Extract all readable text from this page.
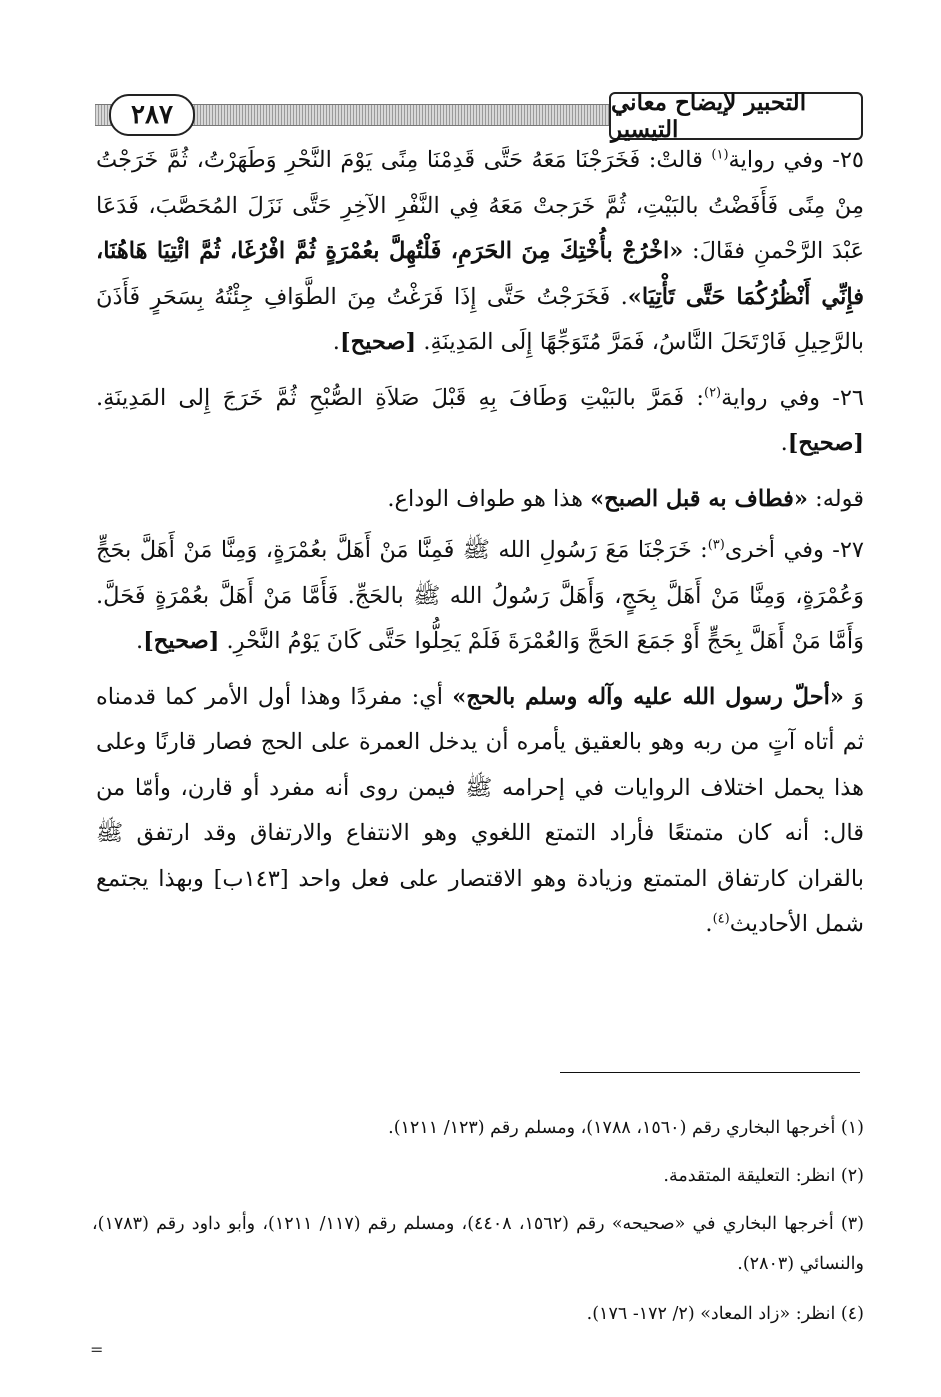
٢٨٧	التحبير لإيضاح معاني التيسير

٢٥- وفي رواية$^{(١)}$ قالتْ: فَخَرَجْنَا مَعَهُ حَتَّى قَدِمْنَا مِنًى يَوْمَ النَّحْرِ وَطَهَرْتُ، ثُمَّ خَرَجْتُ مِنْ مِنًى فَأَفَضْتُ بالبَيْتِ، ثُمَّ خَرَجتْ مَعَهُ فِي النَّفْرِ الآخِرِ حَتَّى نَزَلَ المُحَصَّبَ، فَدَعَا عَبْدَ الرَّحْمنِ فقَالَ: «اخْرُجْ بأُخْتِكَ مِنَ الحَرَمِ، فَلْتُهِلَّ بعُمْرَةٍ ثُمَّ افْرُغَا، ثُمَّ ائْتِيَا هَاهُنَا، فإِنِّي أَنْظُرُكُمَا حَتَّى تَأْتِيَا». فَخَرَجْتُ حَتَّى إِذَا فَرَغْتُ مِنَ الطَّوَافِ جِئْتُهُ بِسَحَرٍ فَأَذَنَ بالرَّحِيلِ فَارْتَحَلَ النَّاسُ، فَمَرَّ مُتَوَجِّهًا إِلَى المَدِينَةِ. [صحيح].

٢٦- وفي رواية$^{(٢)}$: فَمَرَّ بالبَيْتِ وَطَافَ بِهِ قَبْلَ صَلاَةِ الصُّبْحِ ثُمَّ خَرَجَ إِلى المَدِينَةِ. [صحيح].

قوله: «فطاف به قبل الصبح» هذا هو طواف الوداع.

٢٧- وفي أخرى$^{(٣)}$: خَرَجْنَا مَعَ رَسُولِ الله ﷺ فَمِنَّا مَنْ أَهَلَّ بعُمْرَةٍ، وَمِنَّا مَنْ أَهَلَّ بحَجٍّ وَعُمْرَةٍ، وَمِنَّا مَنْ أَهَلَّ بِحَجٍ، وَأَهَلَّ رَسُولُ الله ﷺ بالحَجِّ. فَأَمَّا مَنْ أَهَلَّ بعُمْرَةٍ فَحَلَّ. وَأَمَّا مَنْ أَهَلَّ بِحَجٍّ أَوْ جَمَعَ الحَجَّ وَالعُمْرَةَ فَلَمْ يَحِلُّوا حَتَّى كَانَ يَوْمُ النَّحْرِ. [صحيح].

وَ «أحلّ رسول الله عليه وآله وسلم بالحج» أي: مفردًا وهذا أول الأمر كما قدمناه ثم أتاه آتٍ من ربه وهو بالعقيق يأمره أن يدخل العمرة على الحج فصار قارنًا وعلى هذا يحمل اختلاف الروايات في إحرامه ﷺ فيمن روى أنه مفرد أو قارن، وأمّا من قال: أنه كان متمتعًا فأراد التمتع اللغوي وهو الانتفاع والارتفاق وقد ارتفق ﷺ بالقران كارتفاق المتمتع وزيادة وهو الاقتصار على فعل واحد [١٤٣ب] وبهذا يجتمع شمل الأحاديث$^{(٤)}$.

(١) أخرجها البخاري رقم (١٥٦٠، ١٧٨٨)، ومسلم رقم (١٢٣/ ١٢١١).

(٢) انظر: التعليقة المتقدمة.

(٣) أخرجها البخاري في «صحيحه» رقم (١٥٦٢، ٤٤٠٨)، ومسلم رقم (١١٧/ ١٢١١)، وأبو داود رقم (١٧٨٣)، والنسائي (٢٨٠٣).

(٤) انظر: «زاد المعاد» (٢/ ١٧٢- ١٧٦).

=
